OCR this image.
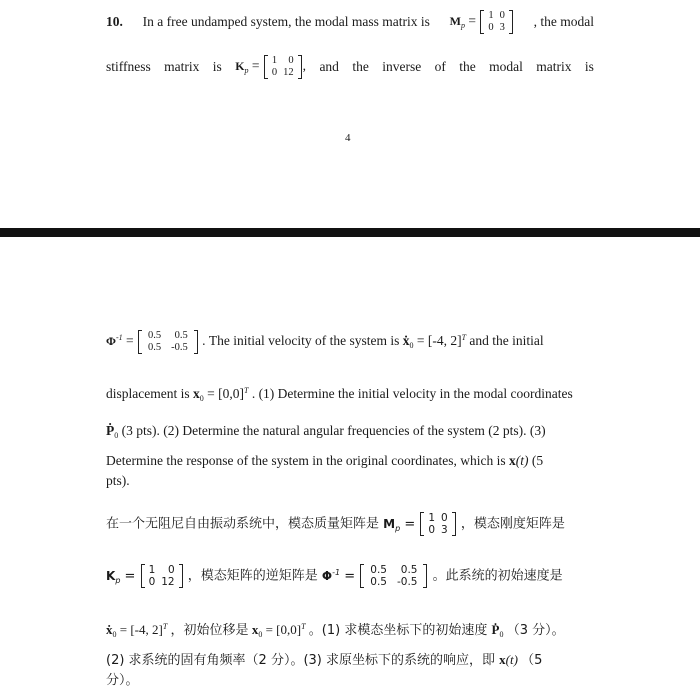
10. In a free undamped system, the modal mass matrix is $M_p = 1$	0
0	3 , the modal
stiffness matrix is $K_p = 1$	0
0	12 , and the inverse of the modal matrix is
4
$\Phi^{-1} = 0.5$	0.5
0.5	-0.5 . The initial velocity of the system is ẋ$_0$ = [-4, 2]$^T$ and the initial
displacement is $x_0 = [0,0]^T$ . (1) Determine the initial velocity in the modal coordinates
Ṗ$_0$ (3 pts). (2) Determine the natural angular frequencies of the system (2 pts). (3)
Determine the response of the system in the original coordinates, which is x(t) (5
pts).
在一个无阻尼自由振动系统中，模态质量矩阵是 $M_p = 1$	0
0	3 ，模态刚度矩阵是
$K_p = 1$	0
0	12 ，模态矩阵的逆矩阵是 $\Phi^{-1} = 0.5$	0.5
0.5	-0.5 。此系统的初始速度是
ẋ$_0$ = [-4, 2]$^T$ ，初始位移是 $x_0 = [0,0]^T$ 。(1) 求模态坐标下的初始速度 Ṗ$_0$ （3 分）。
(2) 求系统的固有角频率（2 分）。(3) 求原坐标下的系统的响应，即 x(t) （5
分）。
